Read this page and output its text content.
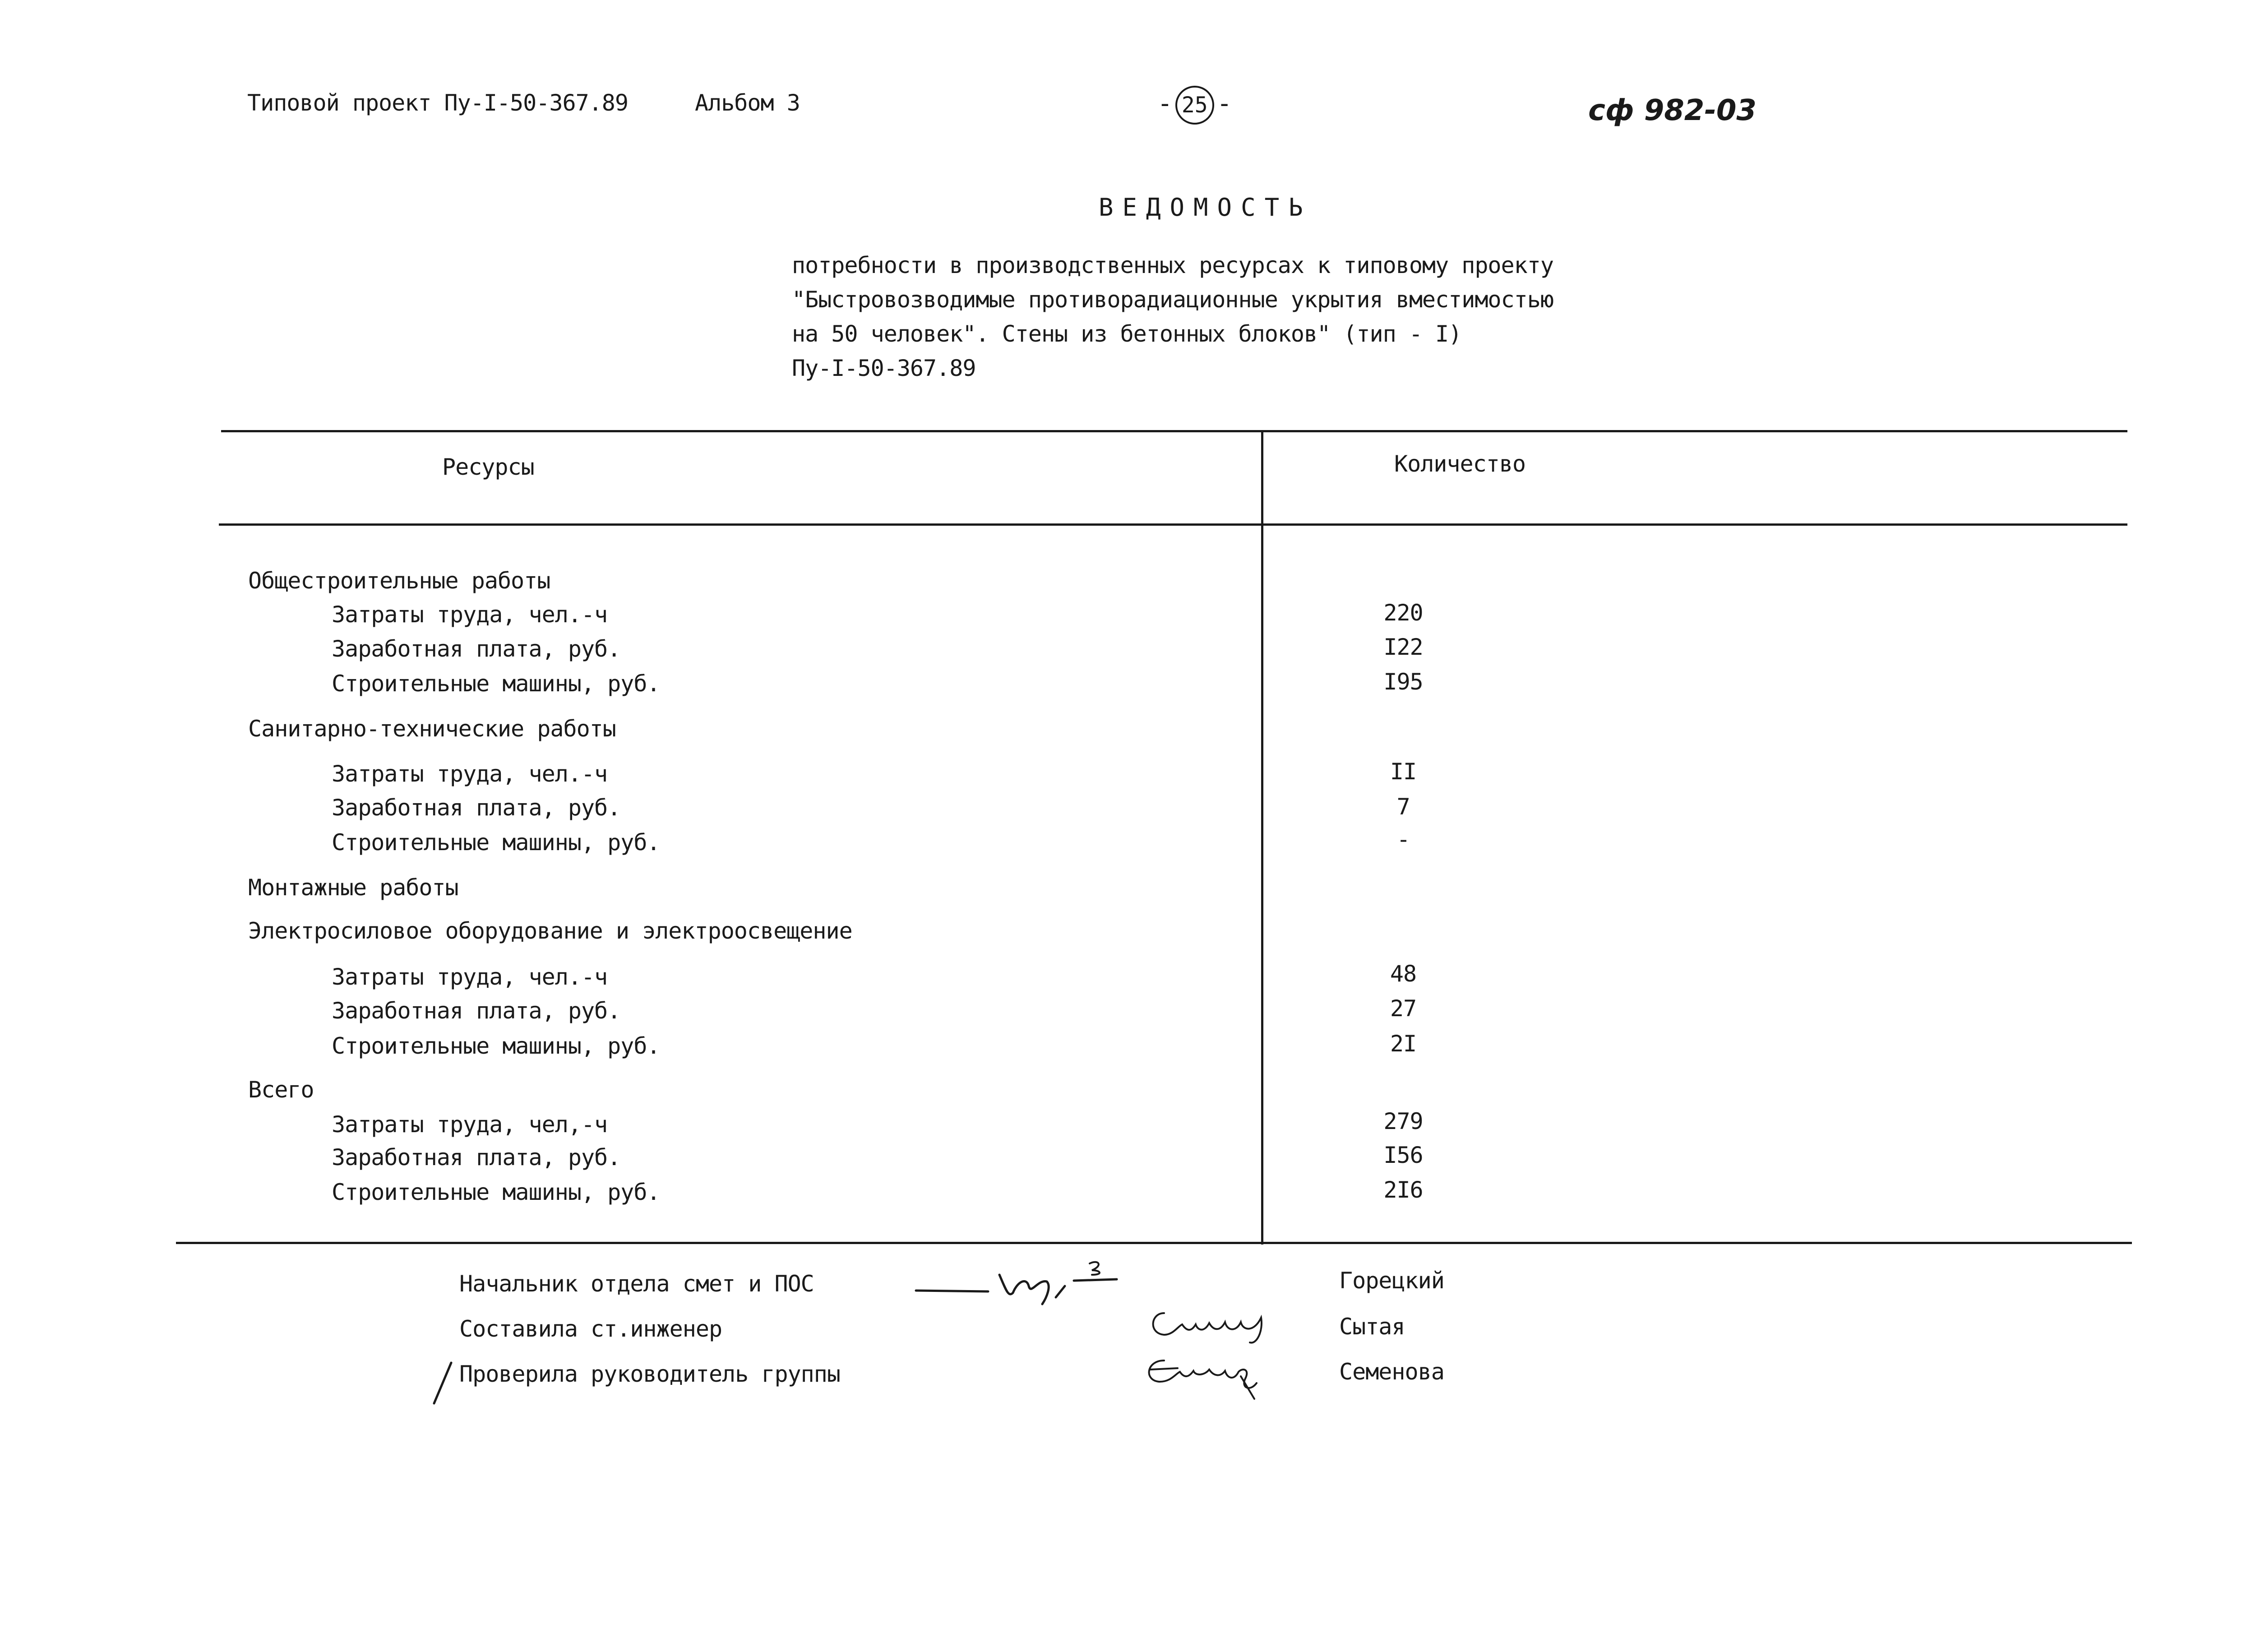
Типовой проект Пу-I-50-367.89	Альбом 3	- 25 -	сф 982-03
ВЕДОМОСТЬ
потребности в производственных ресурсах к типовому проекту
"Быстровозводимые противорадиационные укрытия вместимостью
на 50 человек". Стены из бетонных блоков" (тип - I)
Пу-I-50-367.89
Ресурсы	Количество
Общестроительные работы
Затраты труда, чел.-ч	220
Заработная плата, руб.	I22
Строительные машины, руб.	I95
Санитарно-технические работы
Затраты труда, чел.-ч	II
Заработная плата, руб.	7
Строительные машины, руб.	-
Монтажные работы
Электросиловое оборудование и электроосвещение
Затраты труда, чел.-ч	48
Заработная плата, руб.	27
Строительные машины, руб.	2I
Всего
Затраты труда, чел,-ч	279
Заработная плата, руб.	I56
Строительные машины, руб.	2I6
Начальник отдела смет и ПОС	Горецкий
Составила ст.инженер	Сытая
Проверила руководитель группы	Семенова
